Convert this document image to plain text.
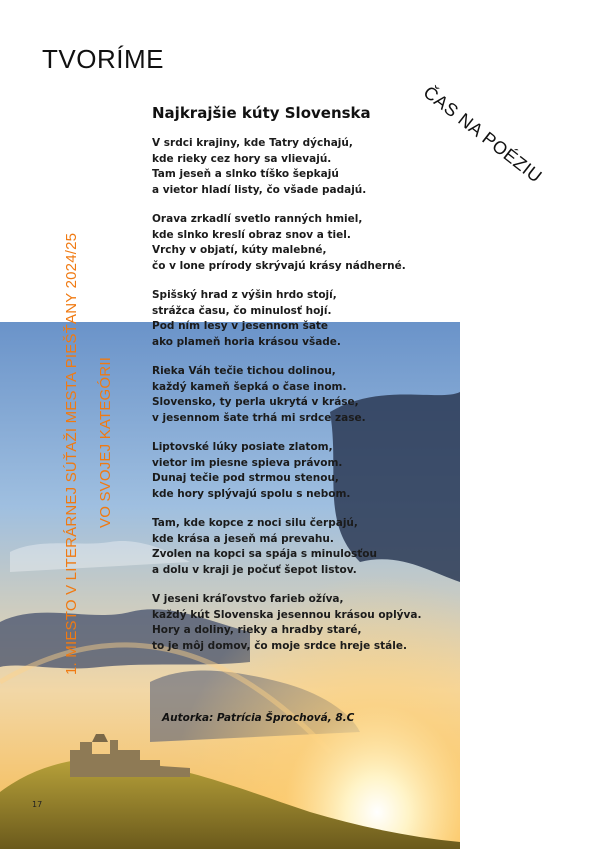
TVORÍME
ČAS NA POÉZIU
1. MIESTO V LITERÁRNEJ SÚŤAŽI MESTA PIEŠŤANY 2024/25 VO SVOJEJ KATEGÓRII
Najkrajšie kúty Slovenska

V srdci krajiny, kde Tatry dýchajú,
kde rieky cez hory sa vlievajú.
Tam jeseň a slnko tíško šepkajú
a vietor hladí listy, čo všade padajú.

Orava zrkadlí svetlo ranných hmiel,
kde slnko kreslí obraz snov a tiel.
Vrchy v objatí, kúty malebné,
čo v lone prírody skrývajú krásy nádherné.

Spišský hrad z výšin hrdo stojí,
strážca času, čo minulosť hojí.
Pod ním lesy v jesennom šate
ako plameň horia krásou všade.

Rieka Váh tečie tichou dolinou,
každý kameň šepká o čase inom.
Slovensko, ty perla ukrytá v kráse,
v jesennom šate trhá mi srdce zase.

Liptovské lúky posiate zlatom,
vietor im piesne spieva právom.
Dunaj tečie pod strmou stenou,
kde hory splývajú spolu s nebom.

Tam, kde kopce z noci silu čerpajú,
kde krása a jeseň má prevahu.
Zvolen na kopci sa spája s minulosťou
a dolu v kraji je počuť šepot listov.

V jeseni kráľovstvo farieb ožíva,
každý kút Slovenska jesennou krásou oplýva.
Hory a doliny, rieky a hradby staré,
to je môj domov, čo moje srdce hreje stále.

Autorka: Patrícia Šprochová, 8.C
17
